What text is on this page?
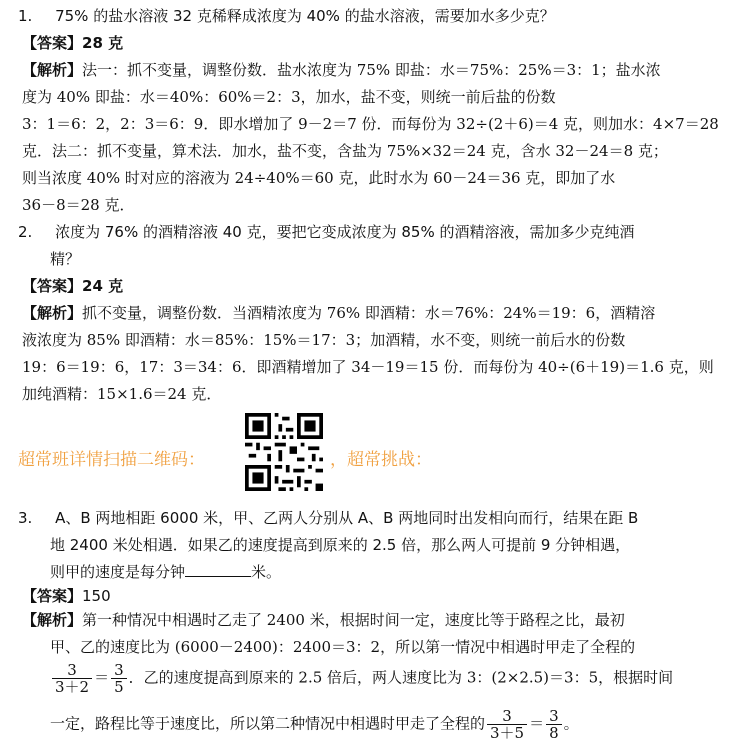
1. 75% 的盐水溶液 32 克稀释成浓度为 40% 的盐水溶液，需要加水多少克？
【答案】28 克
【解析】法一：抓不变量，调整份数．盐水浓度为 75% 即盐：水＝75%：25%＝3：1；盐水浓
度为 40% 即盐：水＝40%：60%＝2：3，加水，盐不变，则统一前后盐的份数
3：1＝6：2，2：3＝6：9．即水增加了 9－2＝7 份．而每份为 32÷(2＋6)＝4 克，则加水：4×7＝28
克．法二：抓不变量，算术法．加水，盐不变，含盐为 75%×32＝24 克，含水 32－24＝8 克；
则当浓度 40% 时对应的溶液为 24÷40%＝60 克，此时水为 60－24＝36 克，即加了水
36－8＝28 克．
2. 浓度为 76% 的酒精溶液 40 克，要把它变成浓度为 85% 的酒精溶液，需加多少克纯酒
精？
【答案】24 克
【解析】抓不变量，调整份数．当酒精浓度为 76% 即酒精：水＝76%：24%＝19：6，酒精溶
液浓度为 85% 即酒精：水＝85%：15%＝17：3；加酒精，水不变，则统一前后水的份数
19：6＝19：6，17：3＝34：6．即酒精增加了 34－19＝15 份．而每份为 40÷(6＋19)＝1.6 克，则
加纯酒精：15×1.6＝24 克．
超常班详情扫描二维码：	，超常挑战：
3. A、B 两地相距 6000 米，甲、乙两人分别从 A、B 两地同时出发相向而行，结果在距 B
地 2400 米处相遇．如果乙的速度提高到原来的 2.5 倍，那么两人可提前 9 分钟相遇，
则甲的速度是每分钟	米。
【答案】150
【解析】第一种情况中相遇时乙走了 2400 米，根据时间一定，速度比等于路程之比，最初
甲、乙的速度比为 (6000－2400)：2400＝3：2，所以第一情况中相遇时甲走了全程的
$\frac{3}{3+2} = \frac{3}{5}$ ．乙的速度提高到原来的 2.5 倍后，两人速度比为 3：(2×2.5)＝3：5，根据时间
一定，路程比等于速度比，所以第二种情况中相遇时甲走了全程的 $\frac{3}{3+5} = \frac{3}{8}$ 。
